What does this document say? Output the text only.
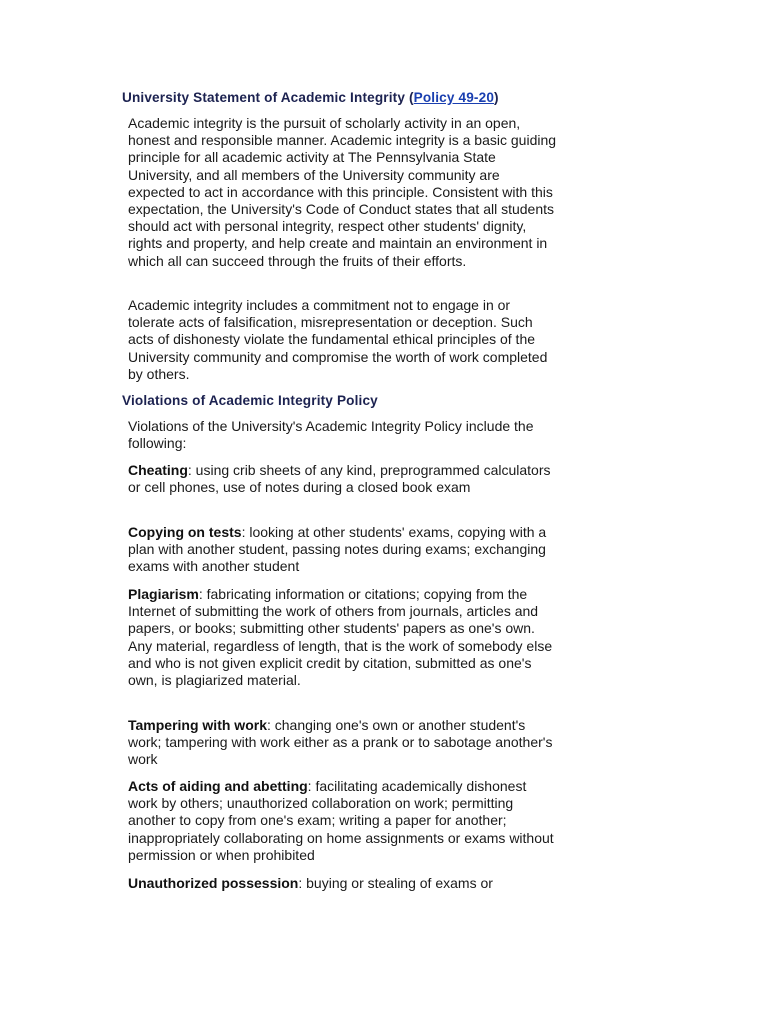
University Statement of Academic Integrity (Policy 49-20)

Academic integrity is the pursuit of scholarly activity in an open, honest and responsible manner. Academic integrity is a basic guiding principle for all academic activity at The Pennsylvania State University, and all members of the University community are expected to act in accordance with this principle. Consistent with this expectation, the University's Code of Conduct states that all students should act with personal integrity, respect other students' dignity, rights and property, and help create and maintain an environment in which all can succeed through the fruits of their efforts.

Academic integrity includes a commitment not to engage in or tolerate acts of falsification, misrepresentation or deception. Such acts of dishonesty violate the fundamental ethical principles of the University community and compromise the worth of work completed by others.

Violations of Academic Integrity Policy

Violations of the University's Academic Integrity Policy include the following:

Cheating: using crib sheets of any kind, preprogrammed calculators or cell phones, use of notes during a closed book exam

Copying on tests: looking at other students' exams, copying with a plan with another student, passing notes during exams; exchanging exams with another student

Plagiarism: fabricating information or citations; copying from the Internet of submitting the work of others from journals, articles and papers, or books; submitting other students' papers as one's own. Any material, regardless of length, that is the work of somebody else and who is not given explicit credit by citation, submitted as one's own, is plagiarized material.

Tampering with work: changing one's own or another student's work; tampering with work either as a prank or to sabotage another's work

Acts of aiding and abetting: facilitating academically dishonest work by others; unauthorized collaboration on work; permitting another to copy from one's exam; writing a paper for another; inappropriately collaborating on home assignments or exams without permission or when prohibited

Unauthorized possession: buying or stealing of exams or
